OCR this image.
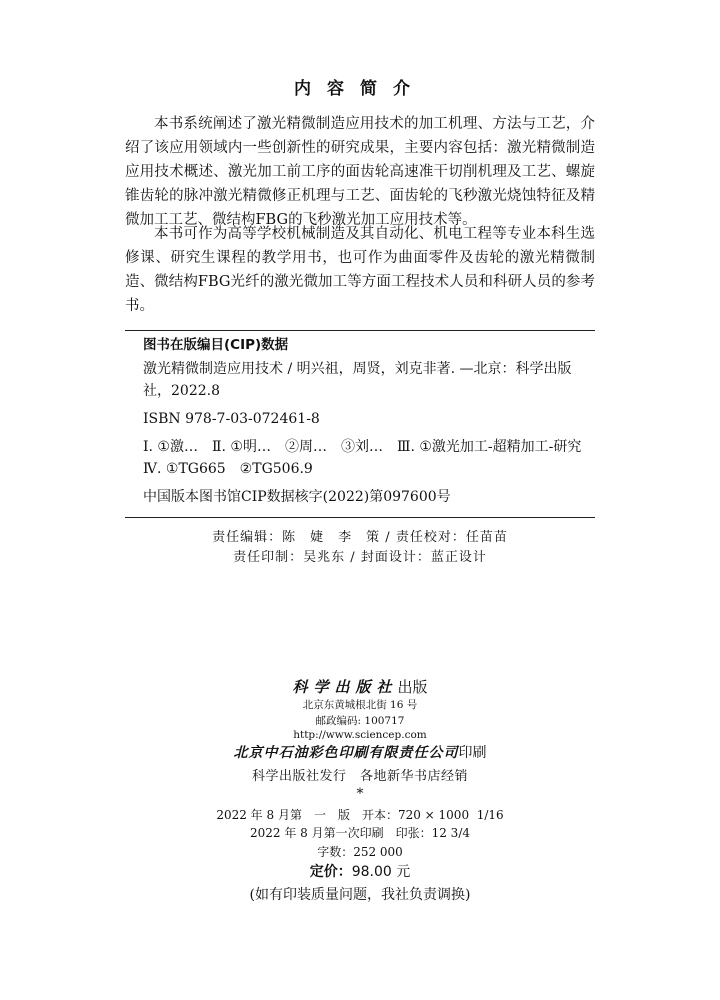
内容简介

本书系统阐述了激光精微制造应用技术的加工机理、方法与工艺，介绍了该应用领域内一些创新性的研究成果，主要内容包括：激光精微制造应用技术概述、激光加工前工序的面齿轮高速准干切削机理及工艺、螺旋锥齿轮的脉冲激光精微修正机理与工艺、面齿轮的飞秒激光烧蚀特征及精微加工工艺、微结构FBG的飞秒激光加工应用技术等。

本书可作为高等学校机械制造及其自动化、机电工程等专业本科生选修课、研究生课程的教学用书，也可作为曲面零件及齿轮的激光精微制造、微结构FBG光纤的激光微加工等方面工程技术人员和科研人员的参考书。

图书在版编目(CIP)数据
激光精微制造应用技术 / 明兴祖，周贤，刘克非著. —北京：科学出版社，2022.8
ISBN 978-7-03-072461-8
Ⅰ. ①激…　Ⅱ. ①明…　②周…　③刘…　Ⅲ. ①激光加工-超精加工-研究　Ⅳ. ①TG665　②TG506.9
中国版本图书馆CIP数据核字(2022)第097600号
责任编辑：陈　婕　李　策 / 责任校对：任苗苗
责任印制：吴兆东 / 封面设计：蓝正设计
科学出版社出版
北京东黄城根北街 16 号
邮政编码: 100717
http://www.sciencep.com
北京中石油彩色印刷有限责任公司印刷
科学出版社发行　各地新华书店经销
*
2022 年 8 月第　一　版　开本：720 × 1000  1/16
2022 年 8 月第一次印刷　印张：12 3/4
字数：252 000
定价：98.00 元
(如有印装质量问题，我社负责调换)
